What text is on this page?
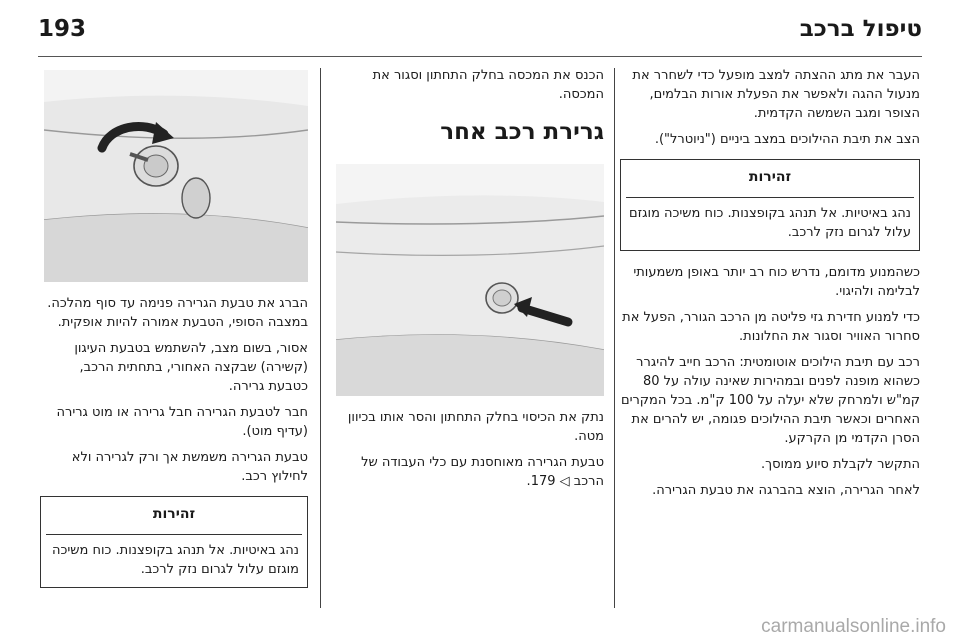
193	טיפול ברכב

העבר את מתג ההצתה למצב מופעל כדי לשחרר את מנעול ההגה ולאפשר את הפעלת אורות הבלמים, הצופר ומגב השמשה הקדמית.

הצב את תיבת ההילוכים במצב ביניים ("ניוטרל").

זהירות
נהג באיטיות. אל תנהג בקופצנות. כוח משיכה מוגזם עלול לגרום נזק לרכב.

כשהמנוע מדומם, נדרש כוח רב יותר באופן משמעותי לבלימה ולהיגוי.

כדי למנוע חדירת גזי פליטה מן הרכב הגורר, הפעל את סחרור האוויר וסגור את החלונות.

רכב עם תיבת הילוכים אוטומטית: הרכב חייב להיגרר כשהוא מופנה לפנים ובמהירות שאינה עולה על 80 קמ"ש ולמרחק שלא יעלה על 100 ק"מ. בכל המקרים האחרים וכאשר תיבת ההילוכים פגומה, יש להרים את הסרן הקדמי מן הקרקע.

התקשר לקבלת סיוע ממוסך.

לאחר הגרירה, הוצא בהברגה את טבעת הגרירה.

הכנס את המכסה בחלק התחתון וסגור את המכסה.

גרירת רכב אחר

נתק את הכיסוי בחלק התחתון והסר אותו בכיוון מטה.

טבעת הגרירה מאוחסנת עם כלי העבודה של הרכב ◁ 179.

הברג את טבעת הגרירה פנימה עד סוף מהלכה. במצבה הסופי, הטבעת אמורה להיות אופקית.

אסור, בשום מצב, להשתמש בטבעת העיגון (קשירה) שבקצה האחורי, בתחתית הרכב, כטבעת גרירה.

חבר לטבעת הגרירה חבל גרירה או מוט גרירה (עדיף מוט).

טבעת הגרירה משמשת אך ורק לגרירה ולא לחילוץ רכב.

זהירות
נהג באיטיות. אל תנהג בקופצנות. כוח משיכה מוגזם עלול לגרום נזק לרכב.
carmanualsonline.info
